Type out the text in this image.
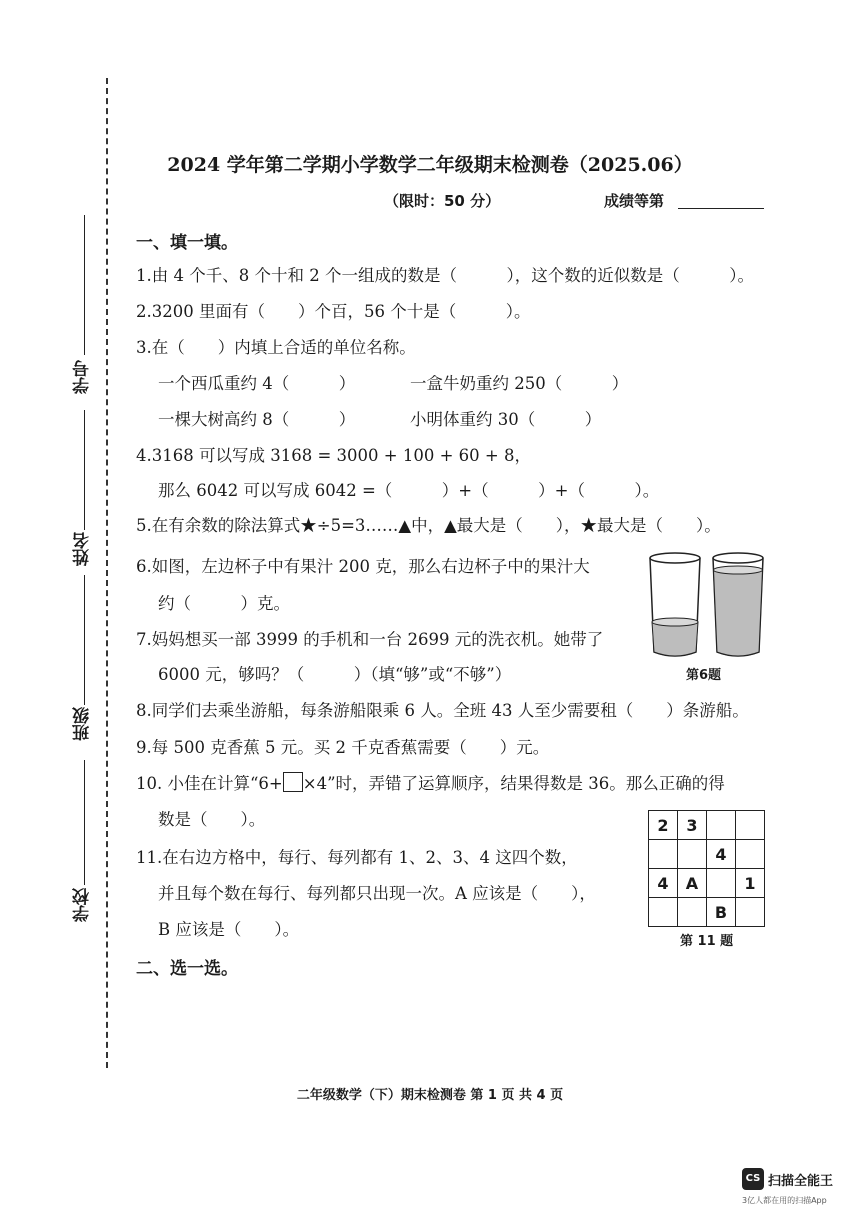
学号
姓名
班级
学校
2024 学年第二学期小学数学二年级期末检测卷（2025.06）
（限时：50 分）	成绩等第
一、填一填。
1.由 4 个千、8 个十和 2 个一组成的数是（　　　），这个数的近似数是（　　　）。
2.3200 里面有（　　）个百，56 个十是（　　　）。
3.在（　　）内填上合适的单位名称。
一个西瓜重约 4（　　　）	一盒牛奶重约 250（　　　）
一棵大树高约 8（　　　）	小明体重约 30（　　　）
4.3168 可以写成 3168 = 3000 + 100 + 60 + 8，
那么 6042 可以写成 6042 =（　　　）+（　　　）+（　　　）。
5.在有余数的除法算式★÷5=3……▲中，▲最大是（　　），★最大是（　　）。
6.如图，左边杯子中有果汁 200 克，那么右边杯子中的果汁大
约（　　　）克。
第6题
7.妈妈想买一部 3999 的手机和一台 2699 元的洗衣机。她带了
6000 元，够吗？（　　　）（填“够”或“不够”）
8.同学们去乘坐游船，每条游船限乘 6 人。全班 43 人至少需要租（　　）条游船。
9.每 500 克香蕉 5 元。买 2 千克香蕉需要（　　）元。
10. 小佳在计算“6+ ×4”时，弄错了运算顺序，结果得数是 36。那么正确的得
数是（　　）。
11.在右边方格中，每行、每列都有 1、2、3、4 这四个数，
并且每个数在每行、每列都只出现一次。A 应该是（　　），
B 应该是（　　）。
2	3		
		4	
4	A		1
		B	
第 11 题
二、选一选。
二年级数学（下）期末检测卷 第 1 页 共 4 页
CS 扫描全能王
3亿人都在用的扫描App
